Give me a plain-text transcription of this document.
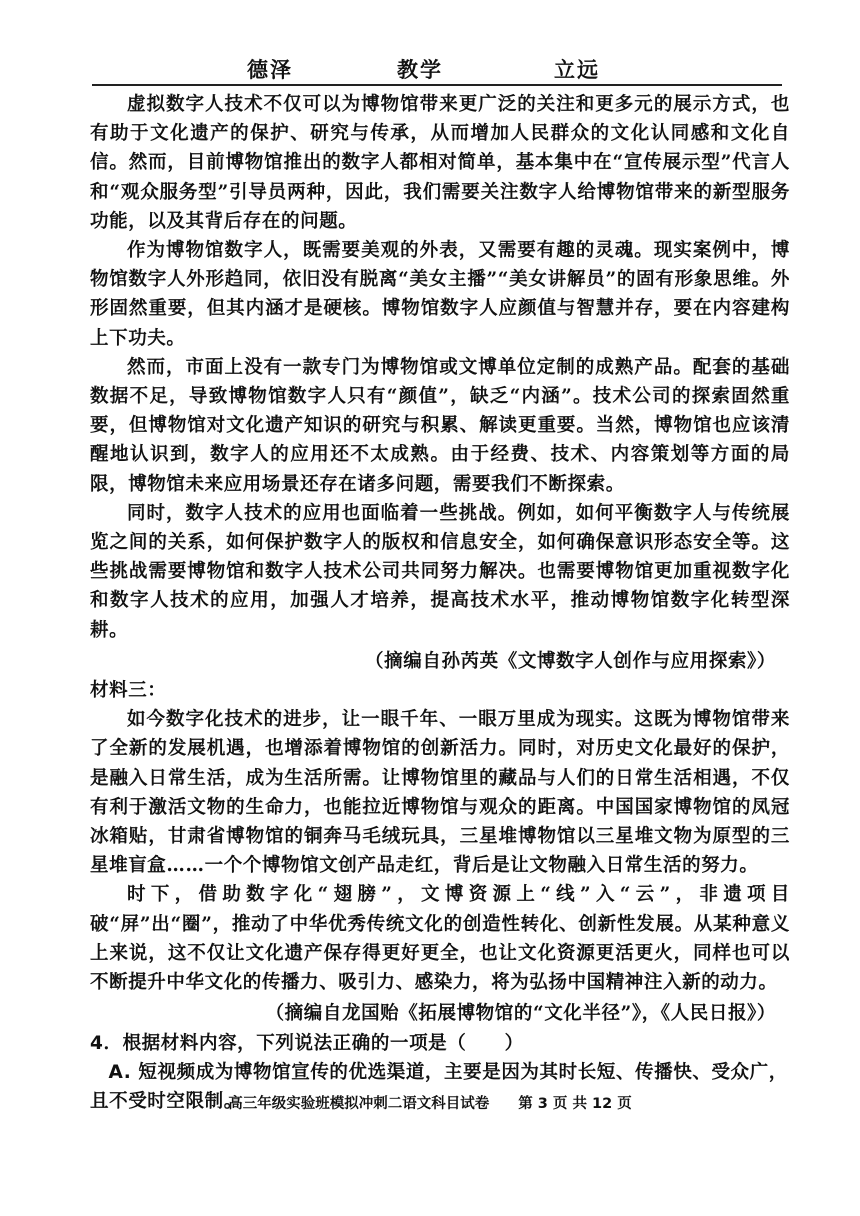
德泽	教学	立远

虚拟数字人技术不仅可以为博物馆带来更广泛的关注和更多元的展示方式，也有助于文化遗产的保护、研究与传承，从而增加人民群众的文化认同感和文化自信。然而，目前博物馆推出的数字人都相对简单，基本集中在“宣传展示型”代言人和“观众服务型”引导员两种，因此，我们需要关注数字人给博物馆带来的新型服务功能，以及其背后存在的问题。

作为博物馆数字人，既需要美观的外表，又需要有趣的灵魂。现实案例中，博物馆数字人外形趋同，依旧没有脱离“美女主播”“美女讲解员”的固有形象思维。外形固然重要，但其内涵才是硬核。博物馆数字人应颜值与智慧并存，要在内容建构上下功夫。

然而，市面上没有一款专门为博物馆或文博单位定制的成熟产品。配套的基础数据不足，导致博物馆数字人只有“颜值”，缺乏“内涵”。技术公司的探索固然重要，但博物馆对文化遗产知识的研究与积累、解读更重要。当然，博物馆也应该清醒地认识到，数字人的应用还不太成熟。由于经费、技术、内容策划等方面的局限，博物馆未来应用场景还存在诸多问题，需要我们不断探索。

同时，数字人技术的应用也面临着一些挑战。例如，如何平衡数字人与传统展览之间的关系，如何保护数字人的版权和信息安全，如何确保意识形态安全等。这些挑战需要博物馆和数字人技术公司共同努力解决。也需要博物馆更加重视数字化和数字人技术的应用，加强人才培养，提高技术水平，推动博物馆数字化转型深耕。

（摘编自孙芮英《文博数字人创作与应用探索》）

材料三：

如今数字化技术的进步，让一眼千年、一眼万里成为现实。这既为博物馆带来了全新的发展机遇，也增添着博物馆的创新活力。同时，对历史文化最好的保护，是融入日常生活，成为生活所需。让博物馆里的藏品与人们的日常生活相遇，不仅有利于激活文物的生命力，也能拉近博物馆与观众的距离。中国国家博物馆的凤冠冰箱贴，甘肃省博物馆的铜奔马毛绒玩具，三星堆博物馆以三星堆文物为原型的三星堆盲盒……一个个博物馆文创产品走红，背后是让文物融入日常生活的努力。

时下，借助数字化“翅膀”，文博资源上“线”入“云”，非遗项目破“屏”出“圈”，推动了中华优秀传统文化的创造性转化、创新性发展。从某种意义上来说，这不仅让文化遗产保存得更好更全，也让文化资源更活更火，同样也可以不断提升中华文化的传播力、吸引力、感染力，将为弘扬中国精神注入新的动力。

（摘编自龙国贻《拓展博物馆的“文化半径”》，《人民日报》）

4．根据材料内容，下列说法正确的一项是（　　）

A. 短视频成为博物馆宣传的优选渠道，主要是因为其时长短、传播快、受众广，且不受时空限制。

高三年级实验班模拟冲刺二语文科目试卷　　第 3 页 共 12 页
